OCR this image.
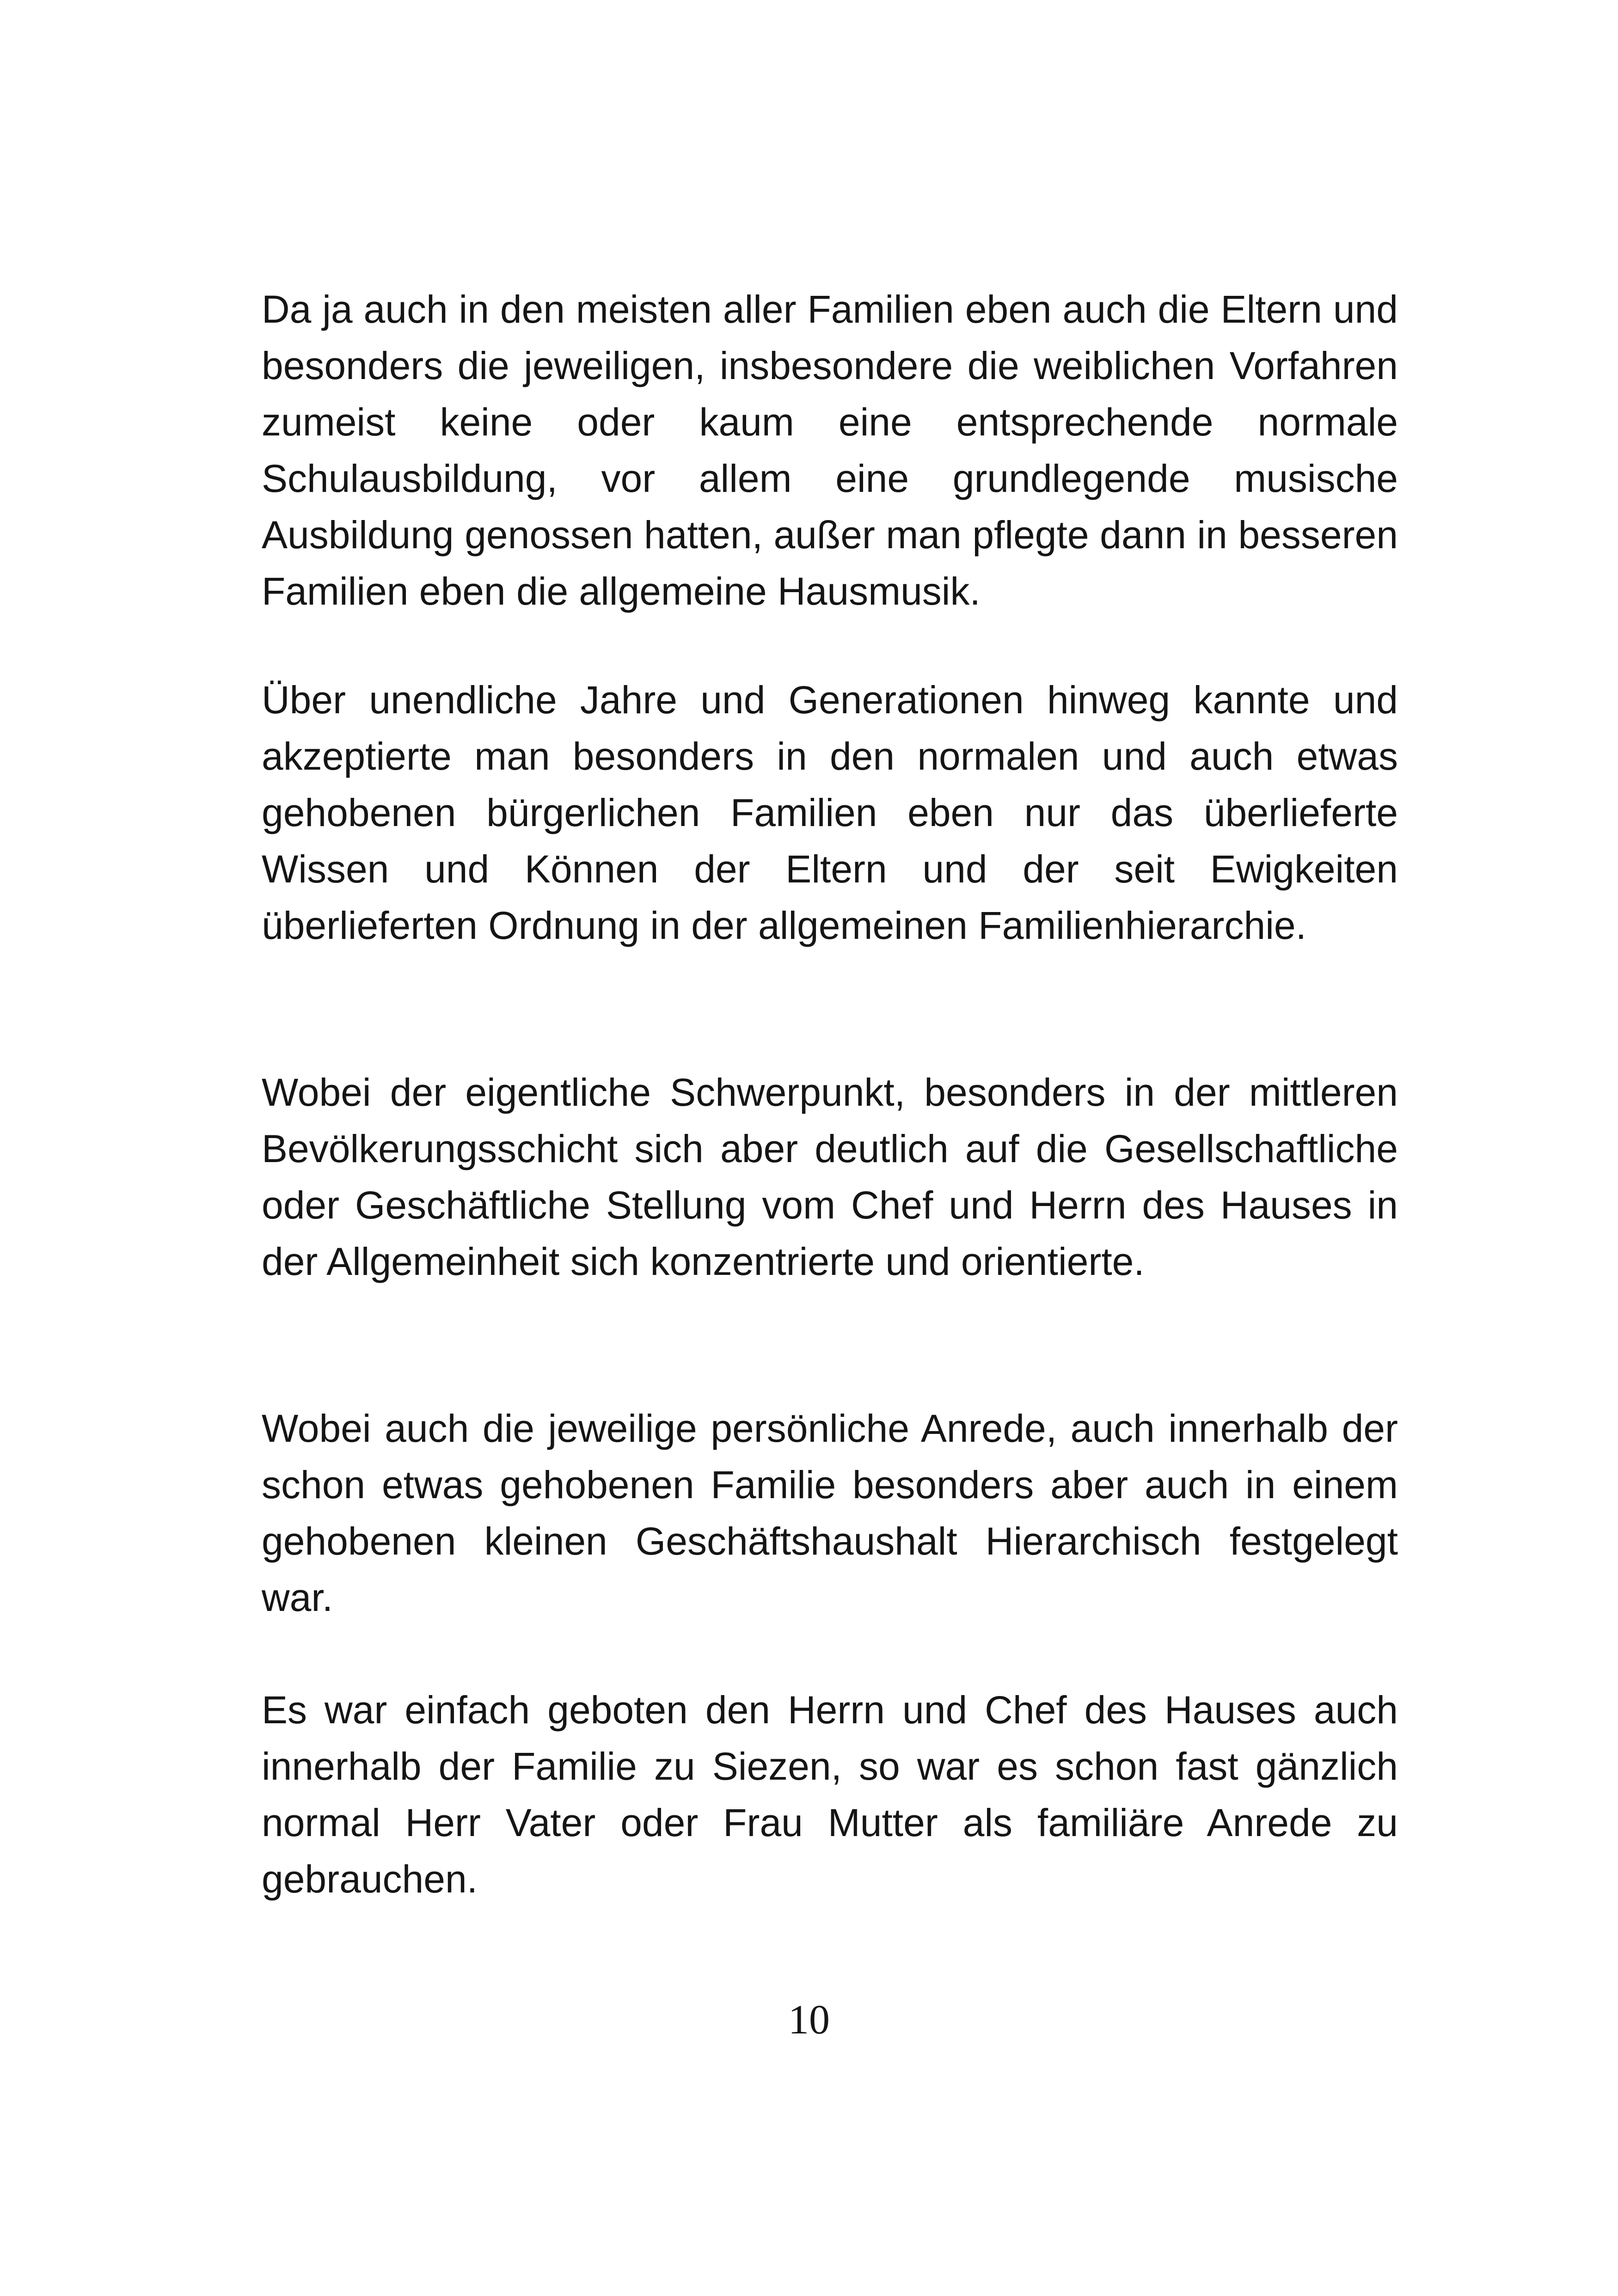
Da ja auch in den meisten aller Familien eben auch die Eltern und besonders die jeweiligen, insbesondere die weiblichen Vorfahren zumeist keine oder kaum eine entsprechende normale Schulausbildung, vor allem eine grundlegende musische Ausbildung genossen hatten, außer man pflegte dann in besseren Familien eben die allgemeine Hausmusik.

Über unendliche Jahre und Generationen hinweg kannte und akzeptierte man besonders in den normalen und auch etwas gehobenen bürgerlichen Familien eben nur das überlieferte Wissen und Können der Eltern und der seit Ewigkeiten überlieferten Ordnung in der allgemeinen Familienhierarchie.

Wobei der eigentliche Schwerpunkt, besonders in der mittleren Bevölkerungsschicht sich aber deutlich auf die Gesellschaftliche oder Geschäftliche Stellung vom Chef und Herrn des Hauses in der Allgemeinheit sich konzentrierte und orientierte.

Wobei auch die jeweilige persönliche Anrede, auch innerhalb der schon etwas gehobenen Familie besonders aber auch in einem gehobenen kleinen Geschäftshaushalt Hierarchisch festgelegt war.

Es war einfach geboten den Herrn und Chef des Hauses auch innerhalb der Familie zu Siezen, so war es schon fast gänzlich normal Herr Vater oder Frau Mutter als familiäre Anrede zu gebrauchen.

10
